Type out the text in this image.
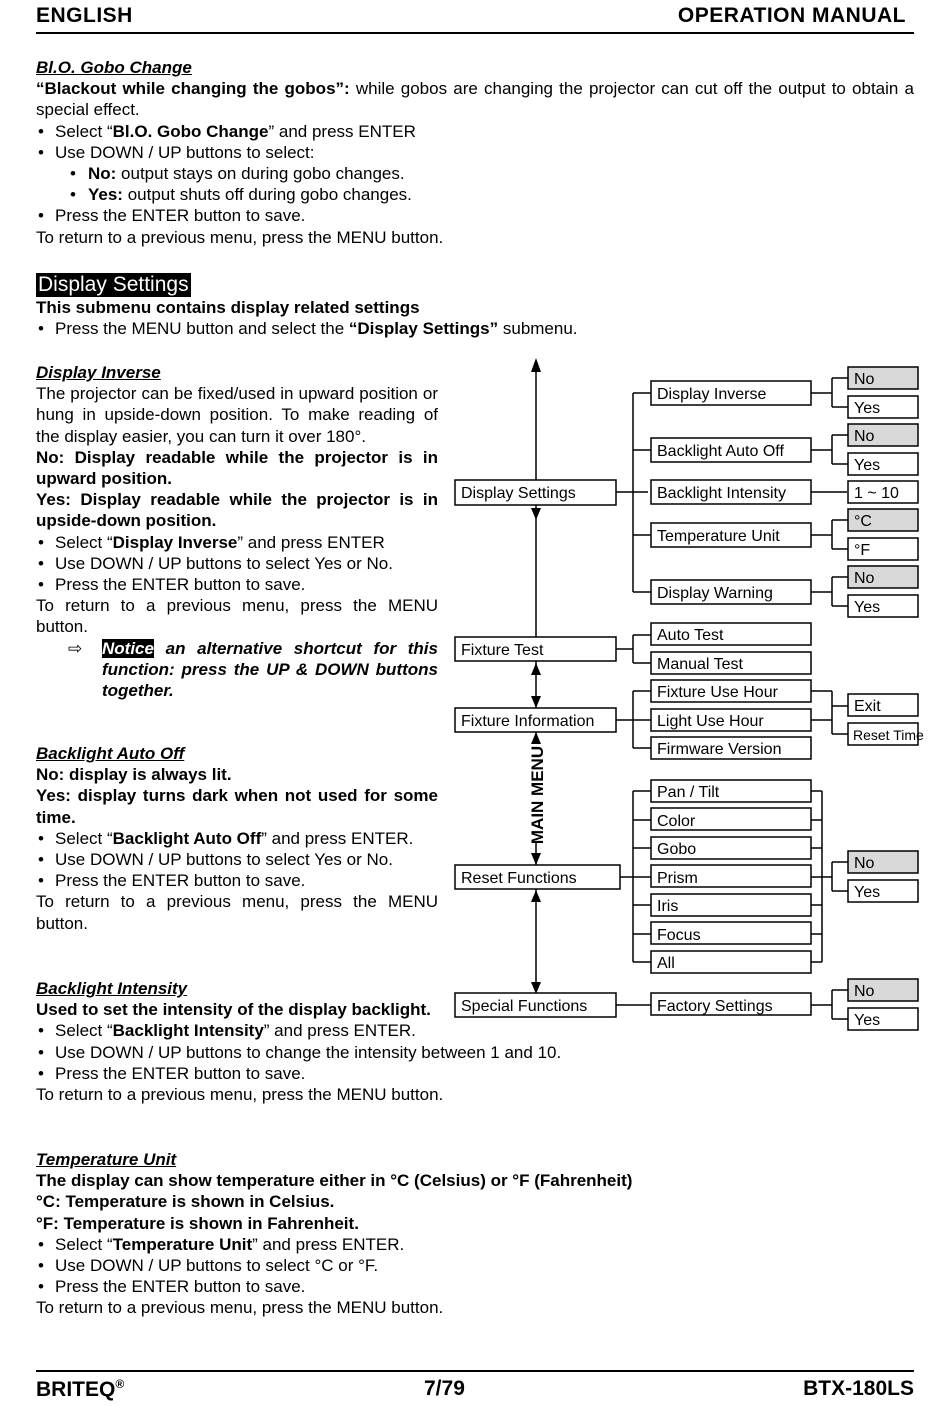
ENGLISH	OPERATION MANUAL
Bl.O. Gobo Change
“Blackout while changing the gobos”: while gobos are changing the projector can cut off the output to obtain a special effect.
• Select “Bl.O. Gobo Change” and press ENTER
• Use DOWN / UP buttons to select:
• No: output stays on during gobo changes.
• Yes: output shuts off during gobo changes.
• Press the ENTER button to save.
To return to a previous menu, press the MENU button.
Display Settings
This submenu contains display related settings
• Press the MENU button and select the “Display Settings” submenu.
Display Inverse
The projector can be fixed/used in upward position or hung in upside-down position. To make reading of the display easier, you can turn it over 180°.
No: Display readable while the projector is in upward position.
Yes: Display readable while the projector is in upside-down position.
• Select “Display Inverse” and press ENTER
• Use DOWN / UP buttons to select Yes or No.
• Press the ENTER button to save.
To return to a previous menu, press the MENU button.
⇨ Notice an alternative shortcut for this function: press the UP & DOWN buttons together.
Backlight Auto Off
No: display is always lit.
Yes: display turns dark when not used for some time.
• Select “Backlight Auto Off” and press ENTER.
• Use DOWN / UP buttons to select Yes or No.
• Press the ENTER button to save.
To return to a previous menu, press the MENU button.
Backlight Intensity
Used to set the intensity of the display backlight.
• Select “Backlight Intensity” and press ENTER.
• Use DOWN / UP buttons to change the intensity between 1 and 10.
• Press the ENTER button to save.
To return to a previous menu, press the MENU button.
Temperature Unit
The display can show temperature either in °C (Celsius) or °F (Fahrenheit)
°C: Temperature is shown in Celsius.
°F: Temperature is shown in Fahrenheit.
• Select “Temperature Unit” and press ENTER.
• Use DOWN / UP buttons to select °C or °F.
• Press the ENTER button to save.
To return to a previous menu, press the MENU button.
MAIN MENU
Display Settings
Fixture Test
Fixture Information
Reset Functions
Special Functions
Display Inverse
Backlight Auto Off
Backlight Intensity
Temperature Unit
Display Warning
Auto Test
Manual Test
Fixture Use Hour
Light Use Hour
Firmware Version
Pan / Tilt
Color
Gobo
Prism
Iris
Focus
All
Factory Settings
No
Yes
No
Yes
1 ~ 10
°C
°F
No
Yes
Exit
Reset Time
No
Yes
No
Yes
BRITEQ®	7/79	BTX-180LS
